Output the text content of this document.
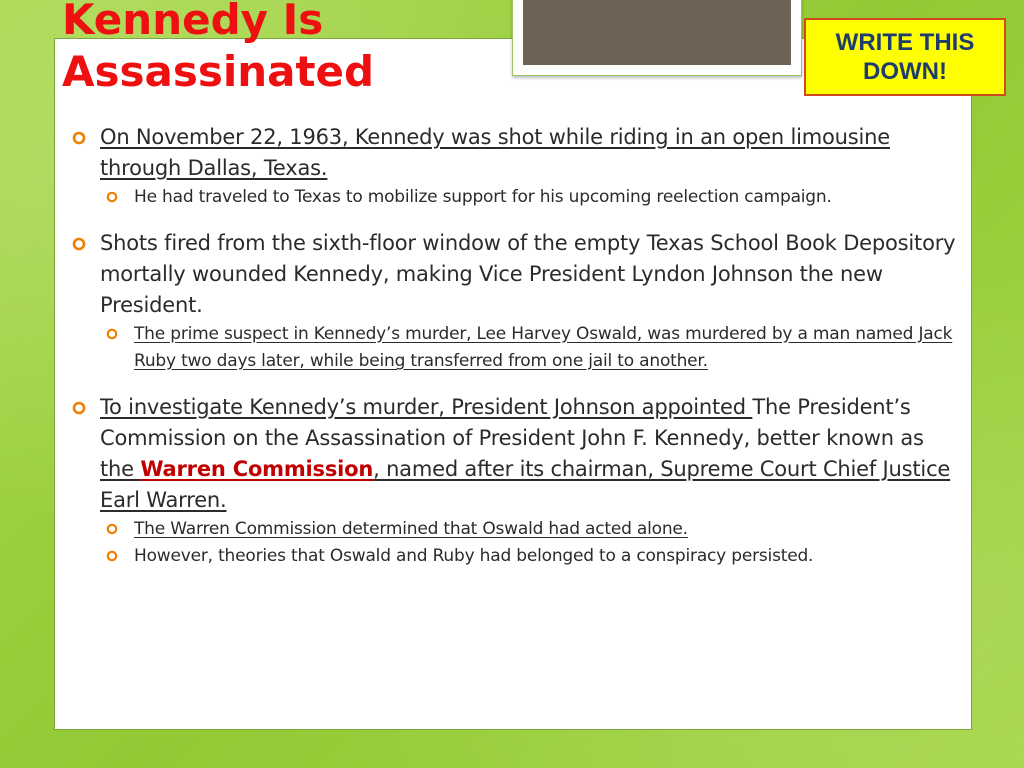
Kennedy Is
Assassinated
WRITE THIS
DOWN!
On November 22, 1963, Kennedy was shot while riding in an open limousine through Dallas, Texas.
He had traveled to Texas to mobilize support for his upcoming reelection campaign.
Shots fired from the sixth-floor window of the empty Texas School Book Depository mortally wounded Kennedy, making Vice President Lyndon Johnson the new President.
The prime suspect in Kennedy’s murder, Lee Harvey Oswald, was murdered by a man named Jack Ruby two days later, while being transferred from one jail to another.
To investigate Kennedy’s murder, President Johnson appointed The President’s Commission on the Assassination of President John F. Kennedy, better known as the Warren Commission, named after its chairman, Supreme Court Chief Justice Earl Warren.
The Warren Commission determined that Oswald had acted alone.
However, theories that Oswald and Ruby had belonged to a conspiracy persisted.
